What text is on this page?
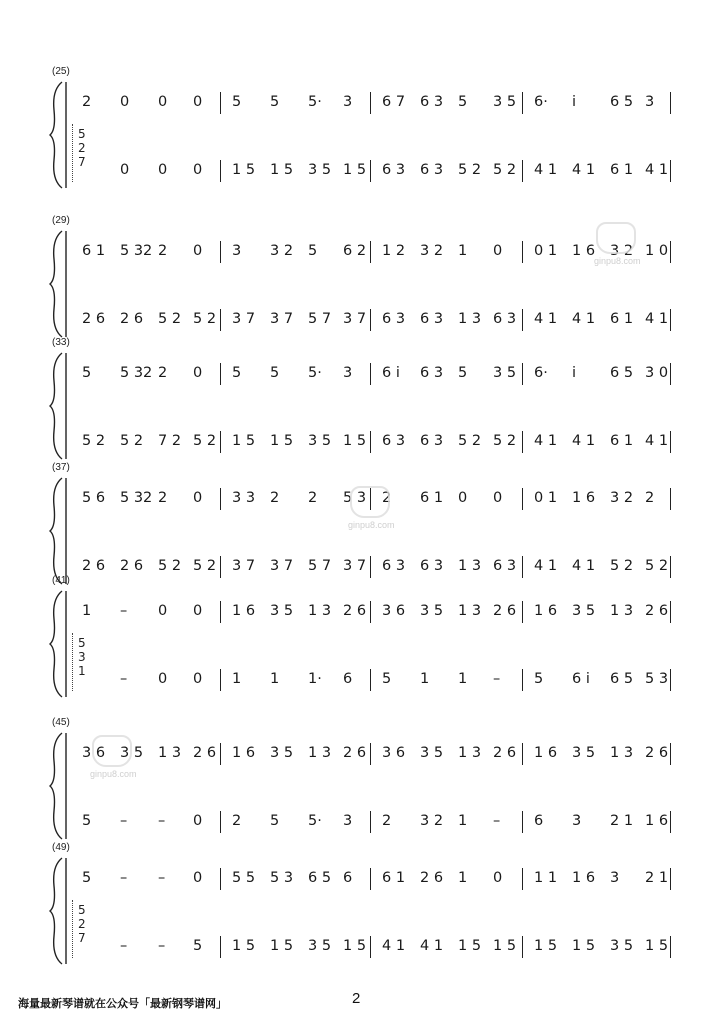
(25)
2 0 0 0 5 5 5· 3 6 7 6 3 5 3 5 6· i 6 5 3
0 0 0 1 5 1 5 3 5 1 5 6 3 6 3 5 2 5 2 4 1 4 1 6 1 4 1
5
2
7
(29)
6 1 5 32 2 0 3 3 2 5 6 2 1 2 3 2 1 0 0 1 1 6 3 2 1 0
2 6 2 6 5 2 5 2 3 7 3 7 5 7 3 7 6 3 6 3 1 3 6 3 4 1 4 1 6 1 4 1
(33)
5 5 32 2 0 5 5 5· 3 6 i 6 3 5 3 5 6· i 6 5 3 0
5 2 5 2 7 2 5 2 1 5 1 5 3 5 1 5 6 3 6 3 5 2 5 2 4 1 4 1 6 1 4 1
(37)
5 6 5 32 2 0 3 3 2 2 5 3 2 6 1 0 0 0 1 1 6 3 2 2
2 6 2 6 5 2 5 2 3 7 3 7 5 7 3 7 6 3 6 3 1 3 6 3 4 1 4 1 5 2 5 2
(41)
1 – 0 0 1 6 3 5 1 3 2 6 3 6 3 5 1 3 2 6 1 6 3 5 1 3 2 6
– 0 0 1 1 1· 6 5 1 1 – 5 6 i 6 5 5 3
5
3
1
(45)
3 6 3 5 1 3 2 6 1 6 3 5 1 3 2 6 3 6 3 5 1 3 2 6 1 6 3 5 1 3 2 6
5 – – 0 2 5 5· 3 2 3 2 1 – 6 3 2 1 1 6
(49)
5 – – 0 5 5 5 3 6 5 6 6 1 2 6 1 0 1 1 1 6 3 2 1
– – 5 1 5 1 5 3 5 1 5 4 1 4 1 1 5 1 5 1 5 1 5 3 5 1 5
5
2
7
ginpu8.com
ginpu8.com
ginpu8.com
海量最新琴谱就在公众号「最新钢琴谱网」	2
